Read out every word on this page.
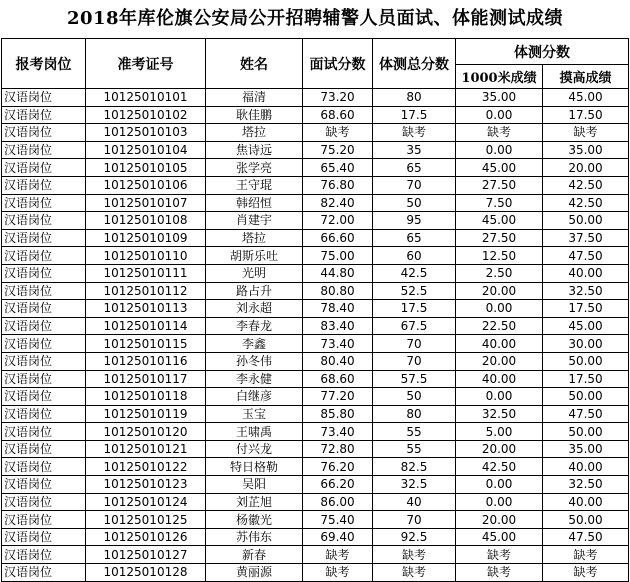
2018年库伦旗公安局公开招聘辅警人员面试、体能测试成绩
报考岗位	准考证号	姓名	面试分数	体测总分数	体测分数	
					1000米成绩	摸高成绩
汉语岗位	10125010101	福清	73.20	80	35.00	45.00
汉语岗位	10125010102	耿佳鹏	68.60	17.5	0.00	17.50
汉语岗位	10125010103	塔拉	缺考	缺考	缺考	缺考
汉语岗位	10125010104	焦诗远	75.20	35	0.00	35.00
汉语岗位	10125010105	张学亮	65.40	65	45.00	20.00
汉语岗位	10125010106	王守琨	76.80	70	27.50	42.50
汉语岗位	10125010107	韩绍恒	82.40	50	7.50	42.50
汉语岗位	10125010108	肖建宇	72.00	95	45.00	50.00
汉语岗位	10125010109	塔拉	66.60	65	27.50	37.50
汉语岗位	10125010110	胡斯乐吐	75.00	60	12.50	47.50
汉语岗位	10125010111	光明	44.80	42.5	2.50	40.00
汉语岗位	10125010112	路占升	80.80	52.5	20.00	32.50
汉语岗位	10125010113	刘永超	78.40	17.5	0.00	17.50
汉语岗位	10125010114	李春龙	83.40	67.5	22.50	45.00
汉语岗位	10125010115	李鑫	73.40	70	40.00	30.00
汉语岗位	10125010116	孙冬伟	80.40	70	20.00	50.00
汉语岗位	10125010117	李永健	68.60	57.5	40.00	17.50
汉语岗位	10125010118	白继彦	77.20	50	0.00	50.00
汉语岗位	10125010119	玉宝	85.80	80	32.50	47.50
汉语岗位	10125010120	王啸禹	73.40	55	5.00	50.00
汉语岗位	10125010121	付兴龙	72.80	55	20.00	35.00
汉语岗位	10125010122	特日格勒	76.20	82.5	42.50	40.00
汉语岗位	10125010123	吴阳	66.20	32.5	0.00	32.50
汉语岗位	10125010124	刘芷旭	86.00	40	0.00	40.00
汉语岗位	10125010125	杨徽光	75.40	70	20.00	50.00
汉语岗位	10125010126	苏伟东	69.40	92.5	45.00	47.50
汉语岗位	10125010127	新春	缺考	缺考	缺考	缺考
汉语岗位	10125010128	黄丽源	缺考	缺考	缺考	缺考
